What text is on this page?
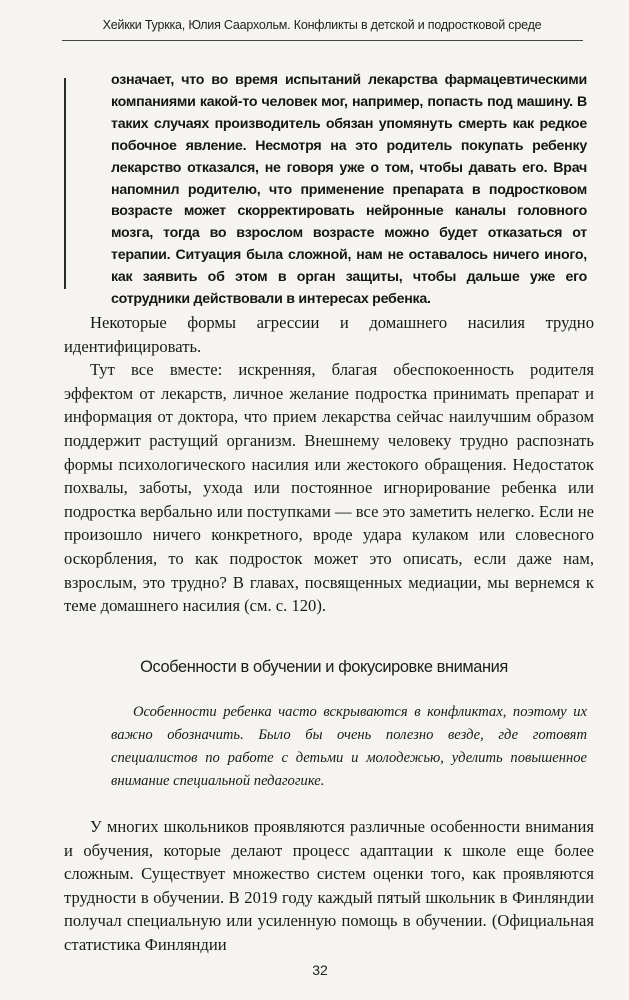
Хейкки Туркка, Юлия Саархольм. Конфликты в детской и подростковой среде
означает, что во время испытаний лекарства фармацевтическими компаниями какой-то человек мог, например, попасть под машину. В таких случаях производитель обязан упомянуть смерть как редкое побочное явление. Несмотря на это родитель покупать ребенку лекарство отказался, не говоря уже о том, чтобы давать его. Врач напомнил родителю, что применение препарата в подростковом возрасте может скорректировать нейронные каналы головного мозга, тогда во взрослом возрасте можно будет отказаться от терапии. Ситуация была сложной, нам не оставалось ничего иного, как заявить об этом в орган защиты, чтобы дальше уже его сотрудники действовали в интересах ребенка.

Некоторые формы агрессии и домашнего насилия трудно идентифицировать.

Тут все вместе: искренняя, благая обеспокоенность родителя эффектом от лекарств, личное желание подростка принимать препарат и информация от доктора, что прием лекарства сейчас наилучшим образом поддержит растущий организм. Внешнему человеку трудно распознать формы психологического насилия или жестокого обращения. Недостаток похвалы, заботы, ухода или постоянное игнорирование ребенка или подростка вербально или поступками — все это заметить нелегко. Если не произошло ничего конкретного, вроде удара кулаком или словесного оскорбления, то как подросток может это описать, если даже нам, взрослым, это трудно? В главах, посвященных медиации, мы вернемся к теме домашнего насилия (см. с. 120).

Особенности в обучении и фокусировке внимания

Особенности ребенка часто вскрываются в конфликтах, поэтому их важно обозначить. Было бы очень полезно везде, где готовят специалистов по работе с детьми и молодежью, уделить повышенное внимание специальной педагогике.

У многих школьников проявляются различные особенности внимания и обучения, которые делают процесс адаптации к школе еще более сложным. Существует множество систем оценки того, как проявляются трудности в обучении. В 2019 году каждый пятый школьник в Финляндии получал специальную или усиленную помощь в обучении. (Официальная статистика Финляндии

32
